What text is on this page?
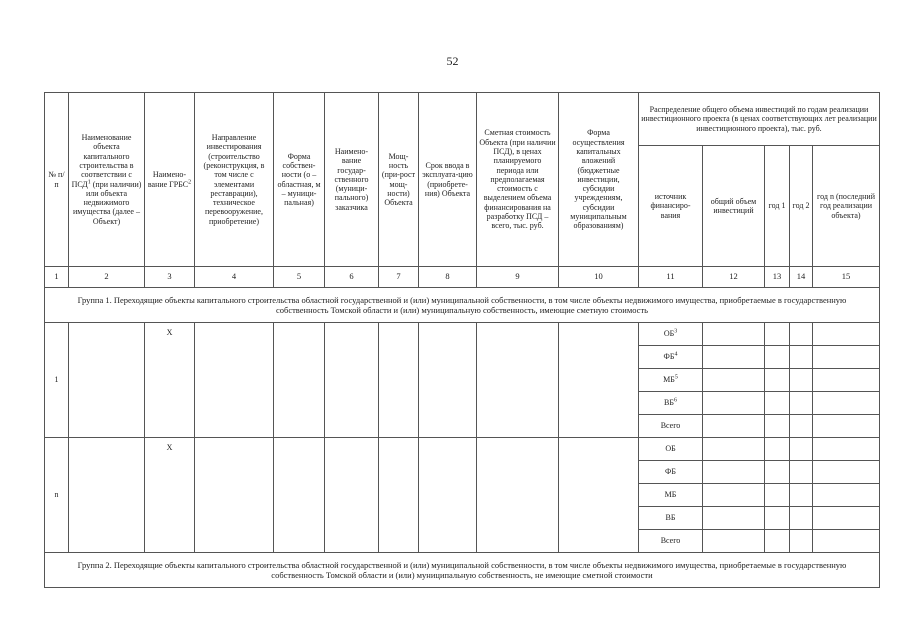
52
№ п/п	Наименование объекта капитального строительства в соответствии с ПСД$^1$ (при наличии) или объекта недвижимого имущества (далее – Объект)	Наимено-вание ГРБС$^2$	Направление инвестирования (строительство (реконструкция, в том числе с элементами реставрации), техническое перевооружение, приобретение)	Форма собствен-ности (о – областная, м – муници-пальная)	Наимено-вание государ-ственного (муници-пального) заказчика	Мощ-ность (при-рост мощ-ности) Объекта	Срок ввода в эксплуата-цию (приобрете-ния) Объекта	Сметная стоимость Объекта (при наличии ПСД), в ценах планируемого периода или предполагаемая стоимость с выделением объема финансирования на разработку ПСД – всего, тыс. руб.	Форма осуществления капитальных вложений (бюджетные инвестиции, субсидии учреждениям, субсидии муниципальным образованиям)	Распределение общего объема инвестиций по годам реализации инвестиционного проекта (в ценах соответствующих лет реализации инвестиционного проекта), тыс. руб.				
										источник финансиро-вания	общий объем инвестиций	год 1	год 2	год n (последний год реализации объекта)
1	2	3	4	5	6	7	8	9	10	11	12	13	14	15
Группа 1. Переходящие объекты капитального строительства областной государственной и (или) муниципальной собственности, в том числе объекты недвижимого имущества, приобретаемые в государственную собственность Томской области и (или) муниципальную собственность, имеющие сметную стоимость														
1		Х								$ОБ^3$				
										$ФБ^4$				
										$МБ^5$				
										$ВБ^6$				
										Всего				
n		Х								ОБ				
										ФБ				
										МБ				
										ВБ				
										Всего				
Группа 2. Переходящие объекты капитального строительства областной государственной и (или) муниципальной собственности, в том числе объекты недвижимого имущества, приобретаемые в государственную собственность Томской области и (или) муниципальную собственность, не имеющие сметной стоимости														
